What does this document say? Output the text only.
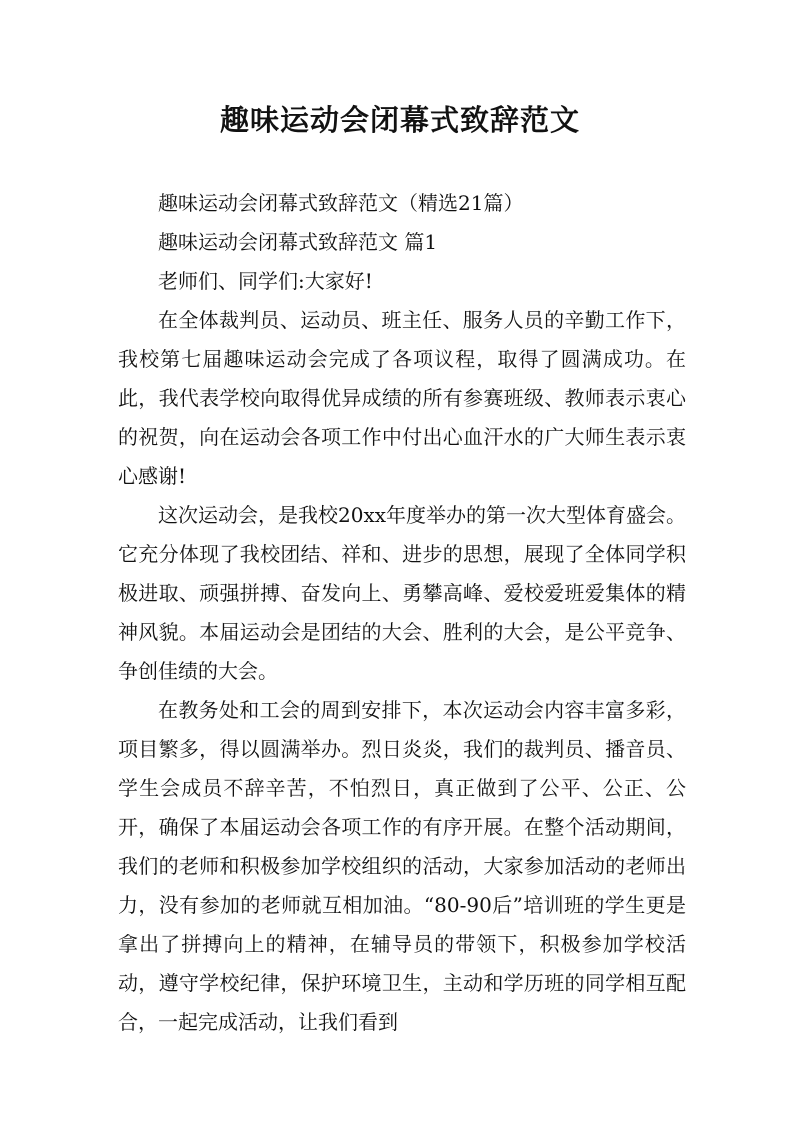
趣味运动会闭幕式致辞范文

趣味运动会闭幕式致辞范文（精选21篇）

趣味运动会闭幕式致辞范文 篇1

老师们、同学们:大家好!

在全体裁判员、运动员、班主任、服务人员的辛勤工作下，我校第七届趣味运动会完成了各项议程，取得了圆满成功。在此，我代表学校向取得优异成绩的所有参赛班级、教师表示衷心的祝贺，向在运动会各项工作中付出心血汗水的广大师生表示衷心感谢!

这次运动会，是我校20xx年度举办的第一次大型体育盛会。它充分体现了我校团结、祥和、进步的思想，展现了全体同学积极进取、顽强拼搏、奋发向上、勇攀高峰、爱校爱班爱集体的精神风貌。本届运动会是团结的大会、胜利的大会，是公平竞争、争创佳绩的大会。

在教务处和工会的周到安排下，本次运动会内容丰富多彩，项目繁多，得以圆满举办。烈日炎炎，我们的裁判员、播音员、学生会成员不辞辛苦，不怕烈日，真正做到了公平、公正、公开，确保了本届运动会各项工作的有序开展。在整个活动期间，我们的老师和积极参加学校组织的活动，大家参加活动的老师出力，没有参加的老师就互相加油。“80-90后”培训班的学生更是拿出了拼搏向上的精神，在辅导员的带领下，积极参加学校活动，遵守学校纪律，保护环境卫生，主动和学历班的同学相互配合，一起完成活动，让我们看到
